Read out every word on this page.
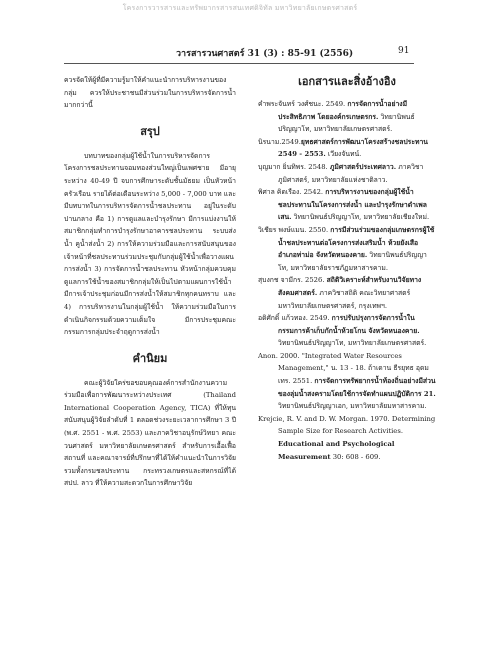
โครงการวารสารและทรัพยากรสารสนเทศดิจิทัล มหาวิทยาลัยเกษตรศาสตร์
วารสารวนศาสตร์ 31 (3) : 85-91 (2556)	91

ควรจัดให้ผู้ที่มีความรู้มาให้คำแนะนำการบริหารงานของกลุ่ม ควรให้ประชาชนมีส่วนร่วมในการบริหารจัดการน้ำมากกว่านี้

สรุป

บทบาทของกลุ่มผู้ใช้น้ำในการบริหารจัดการโครงการชลประทานจอมทองส่วนใหญ่เป็นเพศชาย มีอายุระหว่าง 40-49 ปี จบการศึกษาระดับชั้นมัธยม เป็นหัวหน้าครัวเรือน รายได้ต่อเดือนระหว่าง 5,000 - 7,000 บาท และมีบทบาทในการบริหารจัดการน้ำชลประทาน อยู่ในระดับปานกลาง คือ 1) การดูแลและบำรุงรักษา มีการแบ่งงานให้สมาชิกกลุ่มทำการบำรุงรักษาอาคารชลประทาน ระบบส่งน้ำ คูน้ำส่งน้ำ 2) การให้ความร่วมมือและการสนับสนุนของเจ้าหน้าที่ชลประทานร่วมประชุมกับกลุ่มผู้ใช้น้ำเพื่อวางแผนการส่งน้ำ 3) การจัดการน้ำชลประทาน หัวหน้ากลุ่มควบคุมดูแลการใช้น้ำของสมาชิกกลุ่มให้เป็นไปตามแผนการใช้น้ำ มีการเจ้าประชุมก่อนมีการส่งน้ำให้สมาชิกทุกคนทราบ และ 4) การบริหารงานในกลุ่มผู้ใช้น้ำ ให้ความร่วมมือในการดำเนินกิจกรรมด้วยความเต็มใจ มีการประชุมคณะกรรมการกลุ่มประจำฤดูการส่งน้ำ

คำนิยม

คณะผู้วิจัยใคร่ขอขอบคุณองค์การสำนักงานความร่วมมือเพื่อการพัฒนาระหว่างประเทศ (Thailand International Cooperation Agency, TICA) ที่ให้ทุนสนับสนุนผู้วิจัยลำดับที่ 1 ตลอดช่วงระยะเวลาการศึกษา 3 ปี (พ.ศ. 2551 - พ.ศ. 2553) และภาควิชาอนุรักษ์วิทยา คณะวนศาสตร์ มหาวิทยาลัยเกษตรศาสตร์ สำหรับการเอื้อเฟื้อสถานที่ และคณาจารย์ที่ปรึกษาที่ได้ให้คำแนะนำในการวิจัย รวมทั้งกรมชลประทาน กระทรวงเกษตรและสหกรณ์ที่ได้ สปป. ลาว ที่ให้ความสะดวกในการศึกษาวิจัย

เอกสารและสิ่งอ้างอิง

คำพระจันทร์ วงศ์ชนะ. 2549. การจัดการน้ำอย่างมีประสิทธิภาพ โดยองค์กรเกษตรกร. วิทยานิพนธ์ปริญญาโท, มหาวิทยาลัยเกษตรศาสตร์.

นิรนาม.2549.ยุทธศาสตร์การพัฒนาโครงสร้างชลประทาน 2549 - 2553. เวียงจันทน์.

บุญมาก ยิ่นทิพร. 2548. ภูมิศาสตร์ประเทศลาว. ภาควิชาภูมิศาสตร์, มหาวิทยาลัยแห่งชาติลาว.

พิศาล คิดเรือง. 2542. การบริหารงานของกลุ่มผู้ใช้น้ำชลประทานในโครงการส่งน้ำ และบำรุงรักษาดำเพลเสน. วิทยานิพนธ์ปริญญาโท, มหาวิทยาลัยเชียงใหม่.

วิเชียร พงษ์แมน. 2550. การมีส่วนร่วมของกลุ่มเกษตรกรผู้ใช้น้ำชลประทานต่อโครงการส่งเสริมน้ำ ห้วยยังเสือ อำเภอท่าม่อ จังหวัดหนองคาย. วิทยานิพนธ์ปริญญาโท, มหาวิทยาลัยราชภัฏมหาสารคาม.

สุบงกช จามีกร. 2526. สถิติวิเคราะห์สำหรับงานวิจัยทางสังคมศาสตร์. ภาควิชาสถิติ คณะวิทยาศาสตร์ มหาวิทยาลัยเกษตรศาสตร์, กรุงเทพฯ.

อดิศักดิ์ แก้วทอง. 2549. การปรับปรุงการจัดการน้ำในกรรมการค้าเก็บกักน้ำห้วยโกน จังหวัดหนองคาย. วิทยานิพนธ์ปริญญาโท, มหาวิทยาลัยเกษตรศาสตร์.

Anon. 2000. "Integrated Water Resources Management," น. 13 - 18. ถ้าเดาน ธีรยุทธ อุดมเทร. 2551. การจัดการทรัพยากรน้ำท้องถิ่นอย่างมีส่วนของลุ่มน้ำสงครามโดยใช้การจัดทำแผนปฏิบัติการ 21. วิทยานิพนธ์ปริญญาเอก, มหาวิทยาลัยมหาสารคาม.

Krejcie, R. V. and D. W. Morgan. 1970. Determining Sample Size for Research Activities. Educational and Psychological Measurement 30: 608 - 609.
